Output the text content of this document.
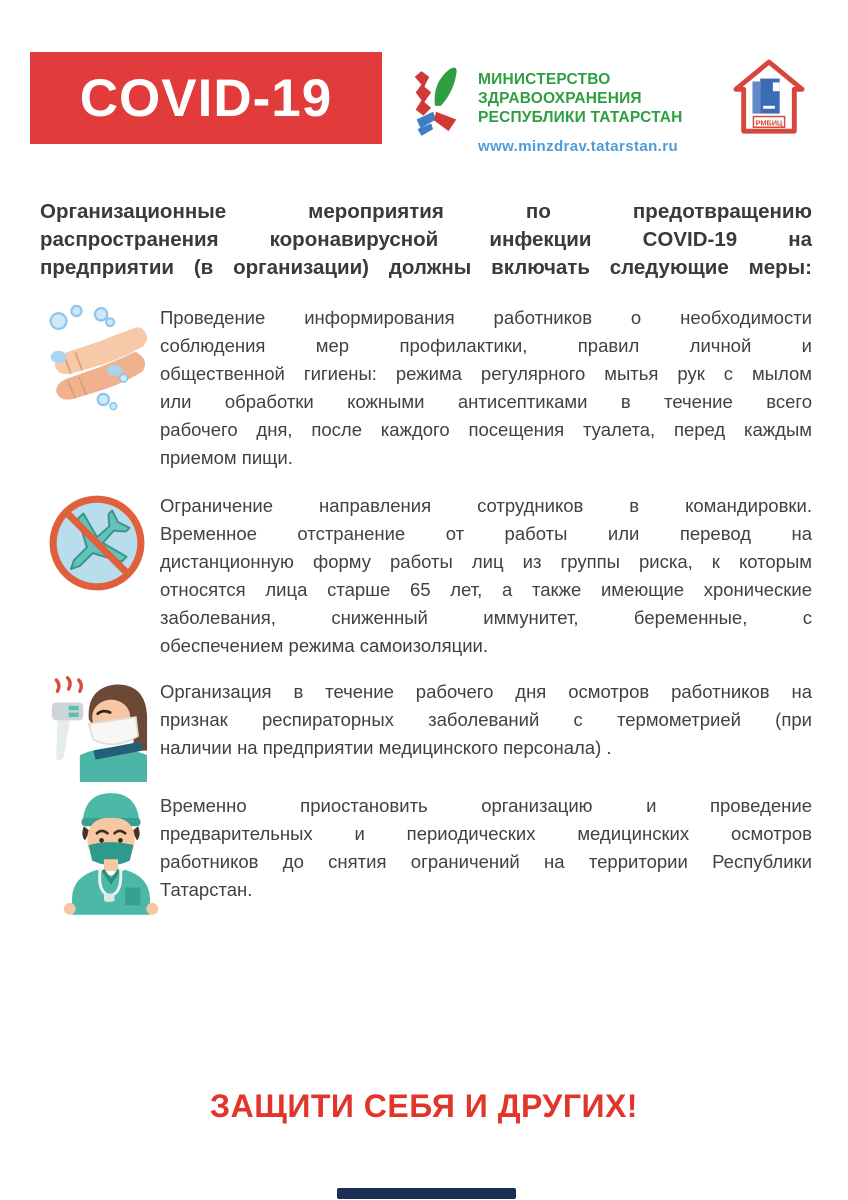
COVID-19	МИНИСТЕРСТВО ЗДРАВООХРАНЕНИЯ
РЕСПУБЛИКИ ТАТАРСТАН
www.minzdrav.tatarstan.ru
РМБИЦ
Организационные мероприятия по предотвращению
распространения коронавирусной инфекции COVID-19 на
предприятии (в организации) должны включать следующие меры:
Проведение информирования работников о необходимости
соблюдения мер профилактики, правил личной и
общественной гигиены: режима регулярного мытья рук с мылом
или обработки кожными антисептиками в течение всего
рабочего дня, после каждого посещения туалета, перед каждым
приемом пищи.
Ограничение направления сотрудников в командировки.
Временное отстранение от работы или перевод на
дистанционную форму работы лиц из группы риска, к которым
относятся лица старше 65 лет, а также имеющие хронические
заболевания, сниженный иммунитет, беременные, с
обеспечением режима самоизоляции.
Организация в течение рабочего дня осмотров работников на
признак респираторных заболеваний с термометрией (при
наличии на предприятии медицинского персонала) .
Временно приостановить организацию и проведение
предварительных и периодических медицинских осмотров
работников до снятия ограничений на территории Республики
Татарстан.
ЗАЩИТИ СЕБЯ И ДРУГИХ!
